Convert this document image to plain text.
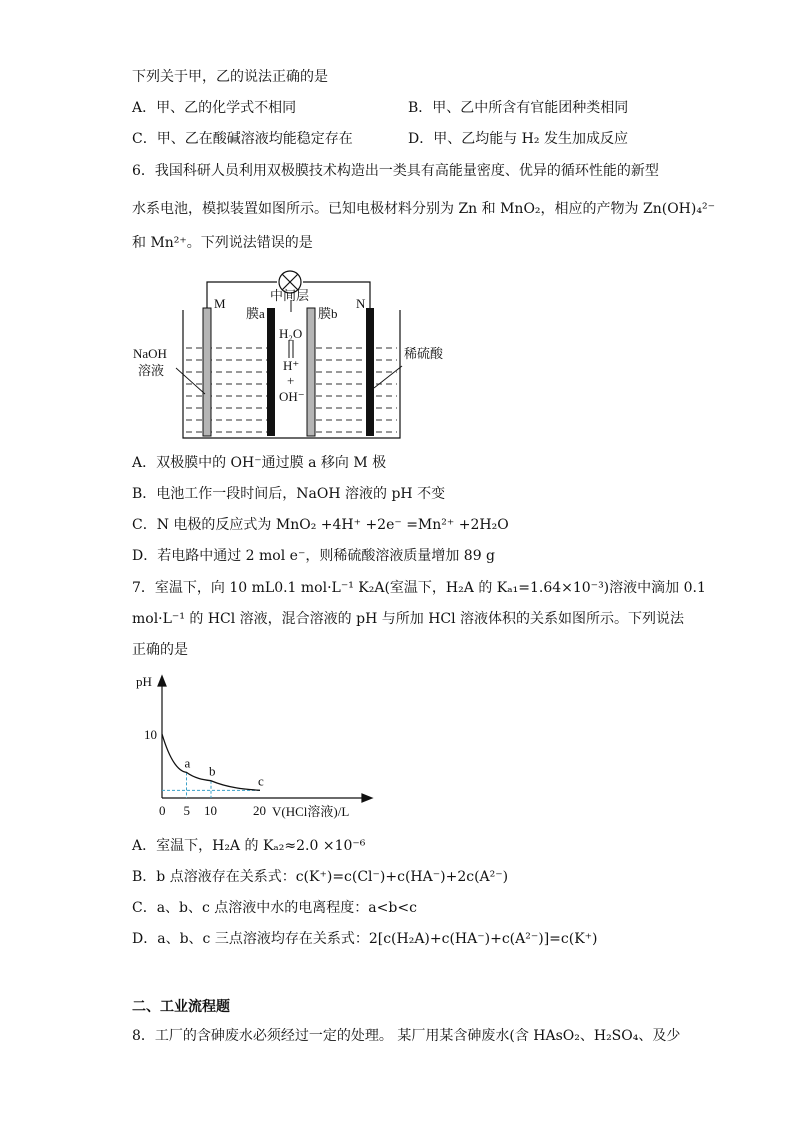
下列关于甲，乙的说法正确的是
A．甲、乙的化学式不相同	B．甲、乙中所含有官能团种类相同
C．甲、乙在酸碱溶液均能稳定存在	D．甲、乙均能与 H₂ 发生加成反应
6．我国科研人员利用双极膜技术构造出一类具有高能量密度、优异的循环性能的新型
水系电池，模拟装置如图所示。已知电极材料分别为 Zn 和 MnO₂，相应的产物为 Zn(OH)₄²⁻
和 Mn²⁺。下列说法错误的是
M	N
中间层
膜a	膜b
H₂O
H⁺
+
OH⁻
NaOH
溶液
稀硫酸
A．双极膜中的 OH⁻通过膜 a 移向 M 极
B．电池工作一段时间后，NaOH 溶液的 pH 不变
C．N 电极的反应式为 MnO₂ +4H⁺ +2e⁻ =Mn²⁺ +2H₂O
D．若电路中通过 2 mol e⁻，则稀硫酸溶液质量增加 89 g
7．室温下，向 10 mL0.1 mol·L⁻¹ K₂A(室温下，H₂A 的 Kₐ₁=1.64×10⁻³)溶液中滴加 0.1
mol·L⁻¹ 的 HCl 溶液，混合溶液的 pH 与所加 HCl 溶液体积的关系如图所示。下列说法
正确的是
pH
V(HCl溶液)/L
0 5 10	20
10
a
b
c
A．室温下，H₂A 的 Kₐ₂≈2.0 ×10⁻⁶
B．b 点溶液存在关系式：c(K⁺)=c(Cl⁻)+c(HA⁻)+2c(A²⁻)
C．a、b、c 点溶液中水的电离程度：a<b<c
D．a、b、c 三点溶液均存在关系式：2[c(H₂A)+c(HA⁻)+c(A²⁻)]=c(K⁺)
二、工业流程题
8．工厂的含砷废水必须经过一定的处理。 某厂用某含砷废水(含 HAsO₂、H₂SO₄、及少
